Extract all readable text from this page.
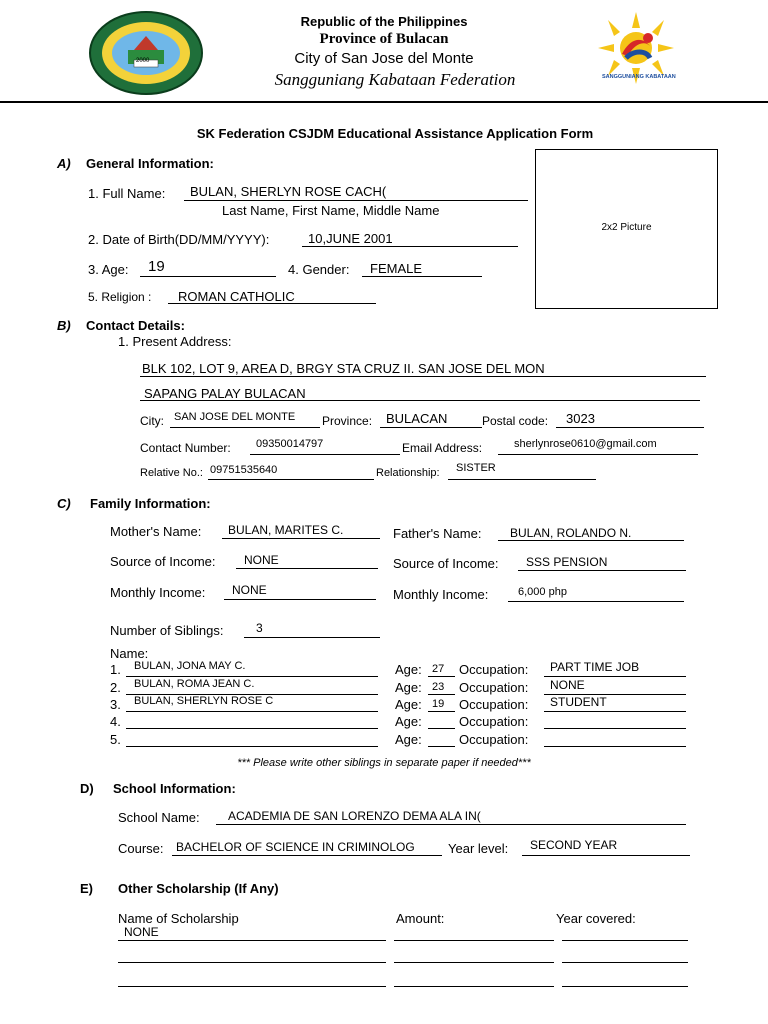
2000
Republic of the Philippines
Province of Bulacan
City of San Jose del Monte
Sangguniang Kabataan Federation	SANGGUNIANG KABATAAN
SK Federation CSJDM Educational Assistance Application Form
2x2 Picture
A) General Information:
1. Full Name: BULAN, SHERLYN ROSE CACH(
Last Name, First Name, Middle Name
2. Date of Birth(DD/MM/YYYY):	10,JUNE 2001
3. Age: 19	4. Gender: FEMALE
5. Religion : ROMAN CATHOLIC
B) Contact Details:
1. Present Address:
BLK 102, LOT 9, AREA D, BRGY STA CRUZ II. SAN JOSE DEL MON
SAPANG PALAY BULACAN
City: SAN JOSE DEL MONTE Province: BULACAN	Postal code: 3023
Contact Number: 09350014797	Email Address:	sherlynrose0610@gmail.com
Relative No.: 09751535640	Relationship: SISTER
C) Family Information:
Mother's Name: BULAN, MARITES C.	Father's Name: BULAN, ROLANDO N.
Source of Income: NONE	Source of Income: SSS PENSION
Monthly Income: NONE	Monthly Income:	6,000 php
Number of Siblings:	3
Name:
1. BULAN, JONA MAY C.	Age: 27 Occupation: PART TIME JOB
2. BULAN, ROMA JEAN C.	Age: 23 Occupation: NONE
3. BULAN, SHERLYN ROSE C	Age: 19 Occupation: STUDENT
4.	Age:	Occupation:
5.	Age:	Occupation:
*** Please write other siblings in separate paper if needed***
D) School Information:
School Name: ACADEMIA DE SAN LORENZO DEMA ALA IN(
Course: BACHELOR OF SCIENCE IN CRIMINOLOG	Year level: SECOND YEAR
E) Other Scholarship (If Any)
Name of Scholarship	Amount:	Year covered:
NONE
